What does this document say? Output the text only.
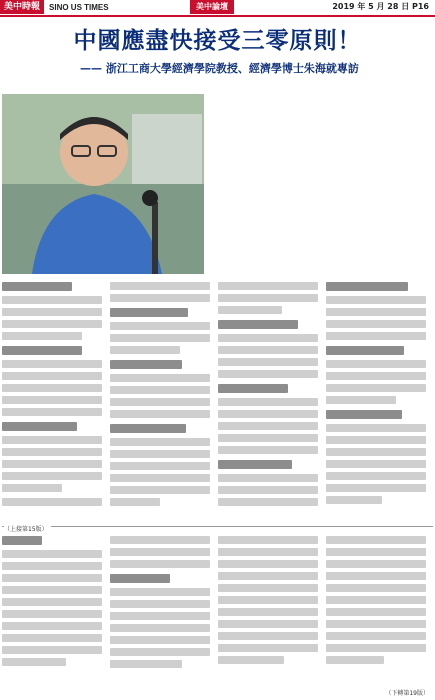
美中時報	SINO US TIMES	美中論壇	2019 年 5 月 28 日 P16
中國應盡快接受三零原則！
—— 浙江工商大學經濟學院教授、經濟學博士朱海就專訪

（上接第15版）
（下轉第19版）
